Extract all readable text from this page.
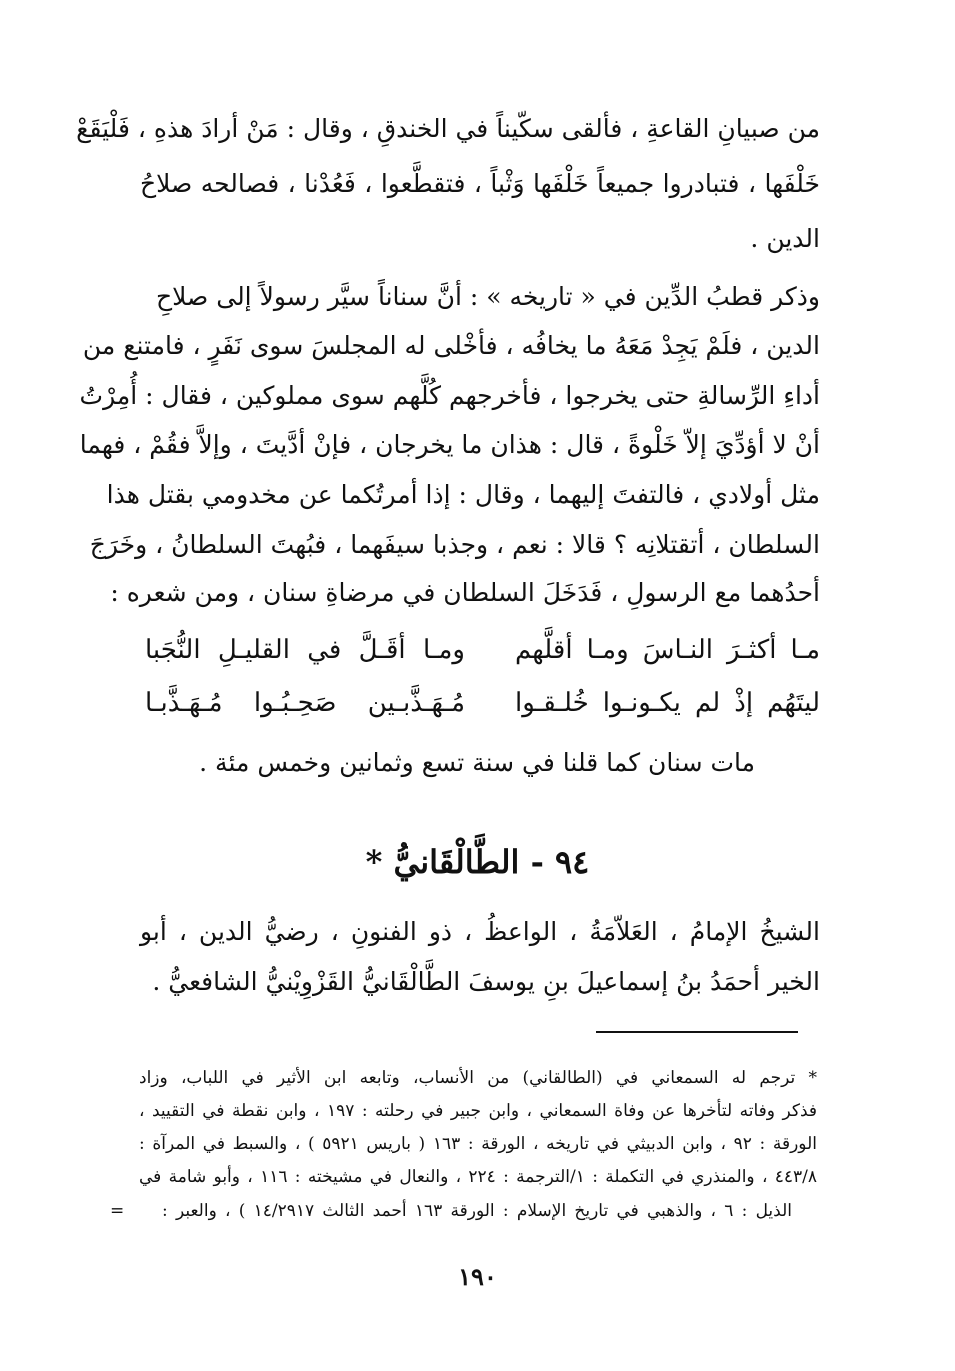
من صبيانِ القاعةِ ، فألقى سكّيناً في الخندقِ ، وقال : مَنْ أرادَ هذهِ ، فَلْيَقَعْ
خَلْفَها ، فتبادروا جميعاً خَلْفَها وَثْباً ، فتقطَّعوا ، فَعُدْنا ، فصالحه صلاحُ
الدين .
وذكر قطبُ الدِّين في « تاريخه » : أنَّ سناناً سيَّر رسولاً إلى صلاحِ
الدين ، فلَمْ يَجِدْ مَعَهُ ما يخافُه ، فأخْلى له المجلسَ سوى نَفَرٍ ، فامتنع من
أداءِ الرِّسالةِ حتى يخرجوا ، فأخرجهم كُلَّهم سوى مملوكين ، فقال : أُمِرْتُ
أنْ لا أؤدِّيَ إلاّ خَلْوةً ، قال : هذان ما يخرجان ، فإنْ أدَّيتَ ، وإلاَّ فقُمْ ، فهما
مثل أولادي ، فالتفتَ إليهما ، وقال : إذا أمرتُكما عن مخدومي بقتل هذا
السلطان ، أتقتلانِه ؟ قالا : نعم ، وجذبا سيفَهما ، فبُهتَ السلطانُ ، وخَرَجَ
أحدُهما مع الرسولِ ، فَدَخَلَ السلطان في مرضاةِ سنان ، ومن شعره :
مـا أكثـرَ النـاسَ ومـا أقلَّهم
ومـا أقَـلَّ في القليـلِ النُّجَبا
ليتَهُم إذْ لم يكـونـوا خُلـقـوا
مُـهَـذَّبـين صَحِـبُـوا مُـهَـذَّبـا
مات سنان كما قلنا في سنة تسع وثمانين وخمس مئة .
٩٤ - الطَّالْقَانيُّ *
الشيخُ الإمامُ ، العَلاّمَةُ ، الواعظُ ، ذو الفنونِ ، رضيُّ الدين ، أبو
الخير أحمَدُ بنُ إسماعيلَ بنِ يوسفَ الطَّالْقَانيُّ القَزْوِيْنيُّ الشافعيُّ .
* ترجم له السمعاني في (الطالقاني) من الأنساب، وتابعه ابن الأثير في اللباب، وزاد
فذكر وفاته لتأخرها عن وفاة السمعاني ، وابن جبير في رحلته : ١٩٧ ، وابن نقطة في التقييد ،
الورقة : ٩٢ ، وابن الدبيثي في تاريخه ، الورقة : ١٦٣ ( باريس ٥٩٢١ ) ، والسبط في المرآة :
٤٤٣/٨ ، والمنذري في التكملة : ١/الترجمة : ٢٢٤ ، والنعال في مشيخته : ١١٦ ، وأبو شامة في
الذيل : ٦ ، والذهبي في تاريخ الإسلام : الورقة ١٦٣ أحمد الثالث ١٤/٢٩١٧ ) ، والعبر :
=
١٩٠
